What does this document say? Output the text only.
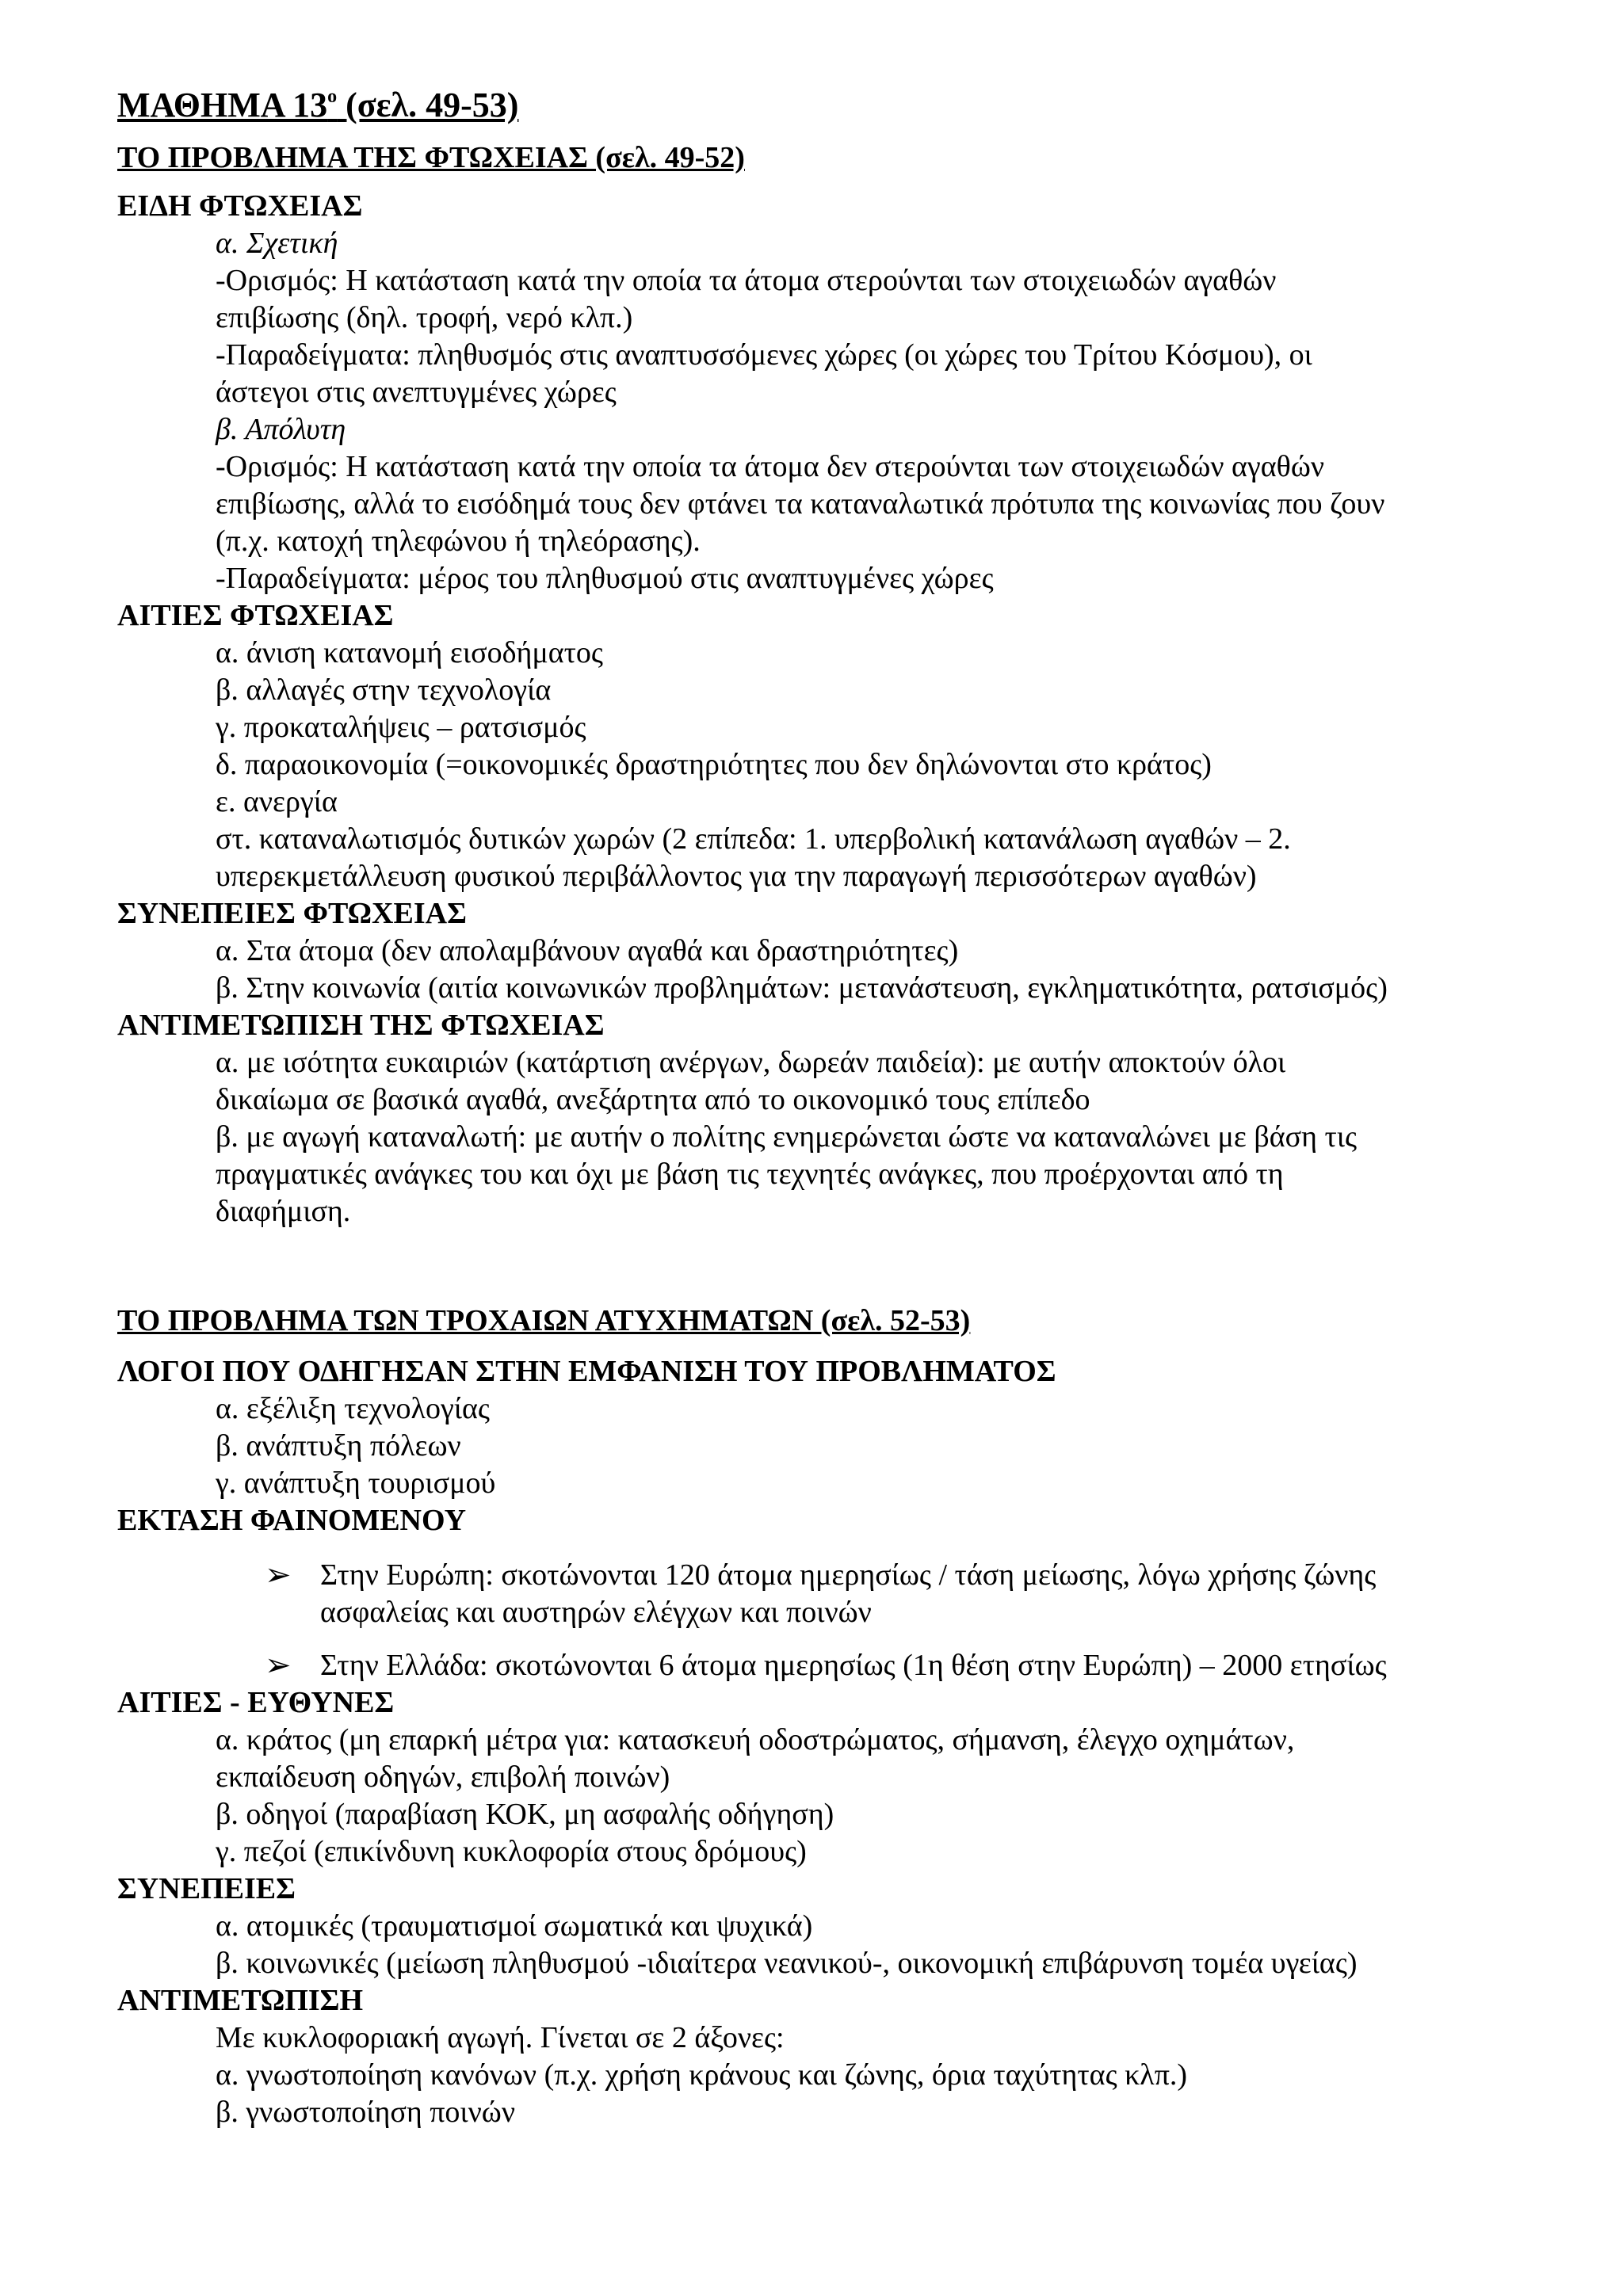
ΜΑΘΗΜΑ $13^o$ (σελ. 49-53)
ΤΟ ΠΡΟΒΛΗΜΑ ΤΗΣ ΦΤΩΧΕΙΑΣ (σελ. 49-52)
ΕΙΔΗ ΦΤΩΧΕΙΑΣ
α. Σχετική
-Ορισμός: Η κατάσταση κατά την οποία τα άτομα στερούνται των στοιχειωδών αγαθών
επιβίωσης (δηλ. τροφή, νερό κλπ.)
-Παραδείγματα: πληθυσμός στις αναπτυσσόμενες χώρες (οι χώρες του Τρίτου Κόσμου), οι
άστεγοι στις ανεπτυγμένες χώρες
β. Απόλυτη
-Ορισμός: Η κατάσταση κατά την οποία τα άτομα δεν στερούνται των στοιχειωδών αγαθών
επιβίωσης, αλλά το εισόδημά τους δεν φτάνει τα καταναλωτικά πρότυπα της κοινωνίας που ζουν
(π.χ. κατοχή τηλεφώνου ή τηλεόρασης).
-Παραδείγματα: μέρος του πληθυσμού στις αναπτυγμένες χώρες
ΑΙΤΙΕΣ ΦΤΩΧΕΙΑΣ
α. άνιση κατανομή εισοδήματος
β. αλλαγές στην τεχνολογία
γ. προκαταλήψεις – ρατσισμός
δ. παραοικονομία (=οικονομικές δραστηριότητες που δεν δηλώνονται στο κράτος)
ε. ανεργία
στ. καταναλωτισμός δυτικών χωρών (2 επίπεδα: 1. υπερβολική κατανάλωση αγαθών – 2.
υπερεκμετάλλευση φυσικού περιβάλλοντος για την παραγωγή περισσότερων αγαθών)
ΣΥΝΕΠΕΙΕΣ ΦΤΩΧΕΙΑΣ
α. Στα άτομα (δεν απολαμβάνουν αγαθά και δραστηριότητες)
β. Στην κοινωνία (αιτία κοινωνικών προβλημάτων: μετανάστευση, εγκληματικότητα, ρατσισμός)
ΑΝΤΙΜΕΤΩΠΙΣΗ ΤΗΣ ΦΤΩΧΕΙΑΣ
α. με ισότητα ευκαιριών (κατάρτιση ανέργων, δωρεάν παιδεία): με αυτήν αποκτούν όλοι
δικαίωμα σε βασικά αγαθά, ανεξάρτητα από το οικονομικό τους επίπεδο
β. με αγωγή καταναλωτή: με αυτήν ο πολίτης ενημερώνεται ώστε να καταναλώνει με βάση τις
πραγματικές ανάγκες του και όχι με βάση τις τεχνητές ανάγκες, που προέρχονται από τη
διαφήμιση.
ΤΟ ΠΡΟΒΛΗΜΑ ΤΩΝ ΤΡΟΧΑΙΩΝ ΑΤΥΧΗΜΑΤΩΝ (σελ. 52-53)
ΛΟΓΟΙ ΠΟΥ ΟΔΗΓΗΣΑΝ ΣΤΗΝ ΕΜΦΑΝΙΣΗ ΤΟΥ ΠΡΟΒΛΗΜΑΤΟΣ
α. εξέλιξη τεχνολογίας
β. ανάπτυξη πόλεων
γ. ανάπτυξη τουρισμού
ΕΚΤΑΣΗ ΦΑΙΝΟΜΕΝΟΥ
➢ Στην Ευρώπη: σκοτώνονται 120 άτομα ημερησίως / τάση μείωσης, λόγω χρήσης ζώνης
ασφαλείας και αυστηρών ελέγχων και ποινών
➢ Στην Ελλάδα: σκοτώνονται 6 άτομα ημερησίως (1η θέση στην Ευρώπη) – 2000 ετησίως
ΑΙΤΙΕΣ - ΕΥΘΥΝΕΣ
α. κράτος (μη επαρκή μέτρα για: κατασκευή οδοστρώματος, σήμανση, έλεγχο οχημάτων,
εκπαίδευση οδηγών, επιβολή ποινών)
β. οδηγοί (παραβίαση ΚΟΚ, μη ασφαλής οδήγηση)
γ. πεζοί (επικίνδυνη κυκλοφορία στους δρόμους)
ΣΥΝΕΠΕΙΕΣ
α. ατομικές (τραυματισμοί σωματικά και ψυχικά)
β. κοινωνικές (μείωση πληθυσμού -ιδιαίτερα νεανικού-, οικονομική επιβάρυνση τομέα υγείας)
ΑΝΤΙΜΕΤΩΠΙΣΗ
Με κυκλοφοριακή αγωγή. Γίνεται σε 2 άξονες:
α. γνωστοποίηση κανόνων (π.χ. χρήση κράνους και ζώνης, όρια ταχύτητας κλπ.)
β. γνωστοποίηση ποινών
